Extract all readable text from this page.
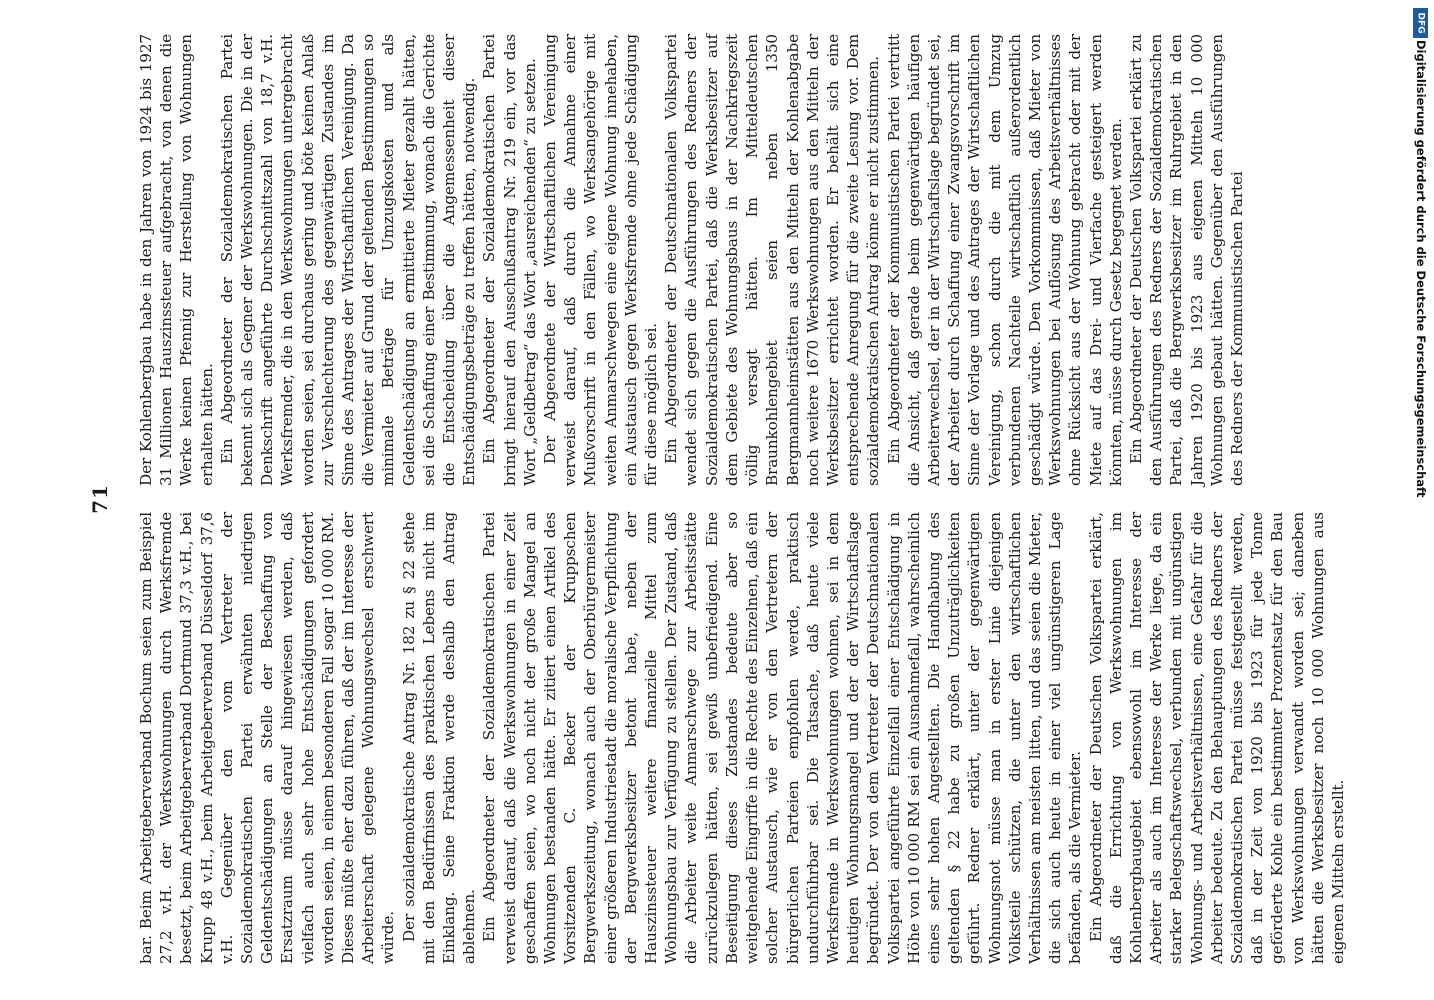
71

bar. Beim Arbeitgeberverband Bochum seien zum Beispiel 27,2 v.H. der Werkswohnungen durch Werksfremde besetzt, beim Arbeitgeberverband Dortmund 37,3 v.H., bei Krupp 48 v.H., beim Arbeitgeberverband Düsseldorf 37,6 v.H. Gegenüber den vom Vertreter der Sozialdemokratischen Partei erwähnten niedrigen Geldentschädigungen an Stelle der Beschaffung von Ersatzraum müsse darauf hingewiesen werden, daß vielfach auch sehr hohe Entschädigungen gefordert worden seien, in einem besonderen Fall sogar 10 000 RM. Dieses müßte eher dazu führen, daß der im Interesse der Arbeiterschaft gelegene Wohnungswechsel erschwert würde. Der sozialdemokratische Antrag Nr. 182 zu § 22 stehe mit den Bedürfnissen des praktischen Lebens nicht im Einklang. Seine Fraktion werde deshalb den Antrag ablehnen. Ein Abgeordneter der Sozialdemokratischen Partei verweist darauf, daß die Werkswohnungen in einer Zeit geschaffen seien, wo noch nicht der große Mangel an Wohnungen bestanden hätte. Er zitiert einen Artikel des Vorsitzenden C. Becker der Kruppschen Bergwerkszeitung, wonach auch der Oberbürgermeister einer größeren Industriestadt die moralische Verpflichtung der Bergwerksbesitzer betont habe, neben der Hauszinssteuer weitere finanzielle Mittel zum Wohnungsbau zur Verfügung zu stellen. Der Zustand, daß die Arbeiter weite Anmarschwege zur Arbeitsstätte zurückzulegen hätten, sei gewiß unbefriedigend. Eine Beseitigung dieses Zustandes bedeute aber so weitgehende Eingriffe in die Rechte des Einzelnen, daß ein solcher Austausch, wie er von den Vertretern der bürgerlichen Parteien empfohlen werde, praktisch undurchführbar sei. Die Tatsache, daß heute viele Werksfremde in Werkswohnungen wohnen, sei in dem heutigen Wohnungsmangel und der der Wirtschaftslage begründet. Der von dem Vertreter der Deutschnationalen Volkspartei angeführte Einzelfall einer Entschädigung in Höhe von 10 000 RM sei ein Ausnahmefall, wahrscheinlich eines sehr hohen Angestellten. Die Handhabung des geltenden § 22 habe zu großen Unzuträglichkeiten geführt. Redner erklärt, unter der gegenwärtigen Wohnungsnot müsse man in erster Linie diejenigen Volksteile schützen, die unter den wirtschaftlichen Verhältnissen am meisten litten, und das seien die Mieter, die sich auch heute in einer viel ungünstigeren Lage befänden, als die Vermieter. Ein Abgeordneter der Deutschen Volkspartei erklärt, daß die Errichtung von Werkswohnungen im Kohlenbergbaugebiet ebensowohl im Interesse der Arbeiter als auch im Interesse der Werke liege, da ein starker Belegschaftswechsel, verbunden mit ungünstigen Wohnungs- und Arbeitsverhältnissen, eine Gefahr für die Arbeiter bedeute. Zu den Behauptungen des Redners der Sozialdemokratischen Partei müsse festgestellt werden, daß in der Zeit von 1920 bis 1923 für jede Tonne geförderte Kohle ein bestimmter Prozentsatz für den Bau von Werkswohnungen verwandt worden sei; daneben hätten die Werksbesitzer noch 10 000 Wohnungen aus eigenen Mitteln erstellt.

Der Kohlenbergbau habe in den Jahren von 1924 bis 1927 31 Millionen Hauszinssteuer aufgebracht, von denen die Werke keinen Pfennig zur Herstellung von Wohnungen erhalten hätten. Ein Abgeordneter der Sozialdemokratischen Partei bekennt sich als Gegner der Werkswohnungen. Die in der Denkschrift angeführte Durchschnittszahl von 18,7 v.H. Werksfremder, die in den Werkswohnungen untergebracht worden seien, sei durchaus gering und böte keinen Anlaß zur Verschlechterung des gegenwärtigen Zustandes im Sinne des Antrages der Wirtschaftlichen Vereinigung. Da die Vermieter auf Grund der geltenden Bestimmungen so minimale Beträge für Umzugskosten und als Geldentschädigung an ermittierte Mieter gezahlt hätten, sei die Schaffung einer Bestimmung, wonach die Gerichte die Entscheidung über die Angemessenheit dieser Entschädigungsbeträge zu treffen hätten, notwendig. Ein Abgeordneter der Sozialdemokratischen Partei bringt hierauf den Ausschußantrag Nr. 219 ein, vor das Wort „Geldbetrag“ das Wort „ausreichenden“ zu setzen. Der Abgeordnete der Wirtschaftlichen Vereinigung verweist darauf, daß durch die Annahme einer Mußvorschrift in den Fällen, wo Werksangehörige mit weiten Anmarschwegen eine eigene Wohnung innehaben, ein Austausch gegen Werksfremde ohne jede Schädigung für diese möglich sei. Ein Abgeordneter der Deutschnationalen Volkspartei wendet sich gegen die Ausführungen des Redners der Sozialdemokratischen Partei, daß die Werksbesitzer auf dem Gebiete des Wohnungsbaus in der Nachkriegszeit völlig versagt hätten. Im Mitteldeutschen Braunkohlengebiet seien neben 1350 Bergmannheimstätten aus den Mitteln der Kohlenabgabe noch weitere 1670 Werkswohnungen aus den Mitteln der Werksbesitzer errichtet worden. Er behält sich eine entsprechende Anregung für die zweite Lesung vor. Dem sozialdemokratischen Antrag könne er nicht zustimmen. Ein Abgeordneter der Kommunistischen Partei vertritt die Ansicht, daß gerade beim gegenwärtigen häufigen Arbeiterwechsel, der in der Wirtschaftslage begründet sei, der Arbeiter durch Schaffung einer Zwangsvorschrift im Sinne der Vorlage und des Antrages der Wirtschaftlichen Vereinigung, schon durch die mit dem Umzug verbundenen Nachteile wirtschaftlich außerordentlich geschädigt würde. Den Vorkommnissen, daß Mieter von Werkswohnungen bei Auflösung des Arbeitsverhältnisses ohne Rücksicht aus der Wohnung gebracht oder mit der Miete auf das Drei- und Vierfache gesteigert werden könnten, müsse durch Gesetz begegnet werden. Ein Abgeordneter der Deutschen Volkspartei erklärt zu den Ausführungen des Redners der Sozialdemokratischen Partei, daß die Bergwerksbesitzer im Ruhrgebiet in den Jahren 1920 bis 1923 aus eigenen Mitteln 10 000 Wohnungen gebaut hätten. Gegenüber den Ausführungen des Redners der Kommunistischen Partei

DFG
Digitalisierung gefördert durch die Deutsche Forschungsgemeinschaft
